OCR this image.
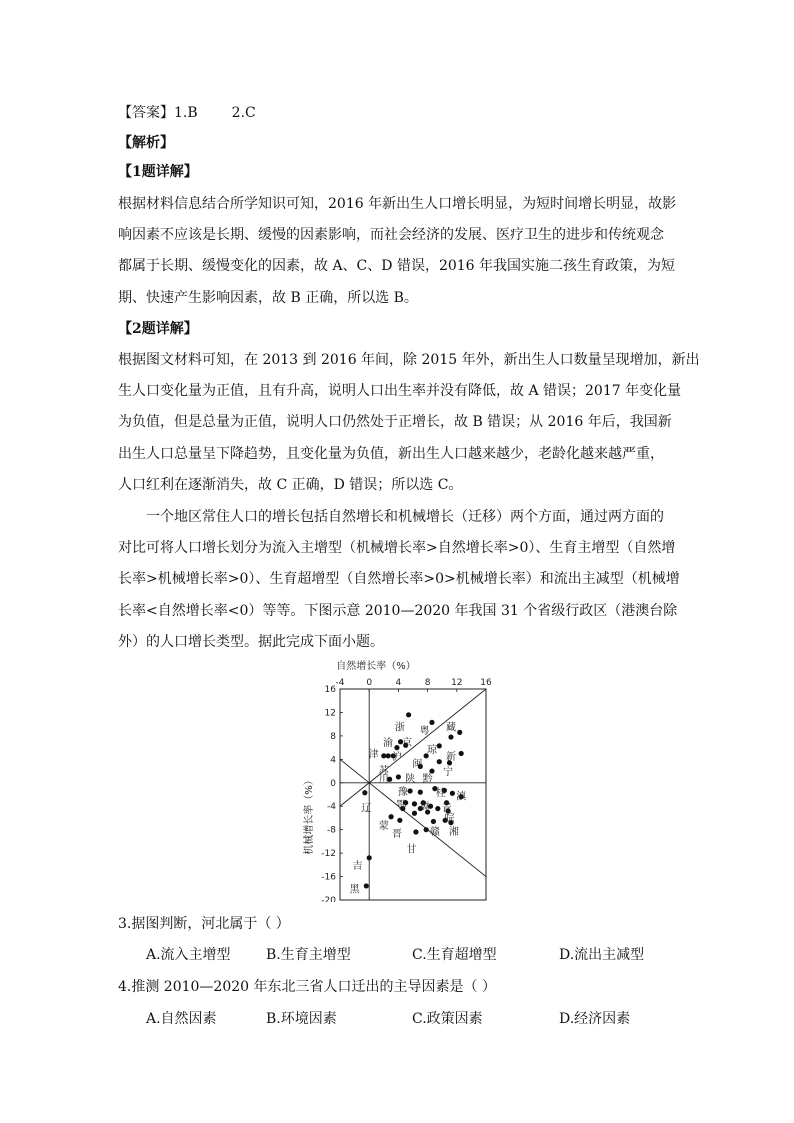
【答案】1.B 2.C
【解析】
【1题详解】
根据材料信息结合所学知识可知，2016 年新出生人口增长明显，为短时间增长明显，故影
响因素不应该是长期、缓慢的因素影响，而社会经济的发展、医疗卫生的进步和传统观念
都属于长期、缓慢变化的因素，故 A、C、D 错误，2016 年我国实施二孩生育政策，为短
期、快速产生影响因素，故 B 正确，所以选 B。
【2题详解】
根据图文材料可知，在 2013 到 2016 年间，除 2015 年外，新出生人口数量呈现增加，新出
生人口变化量为正值，且有升高，说明人口出生率并没有降低，故 A 错误；2017 年变化量
为负值，但是总量为正值，说明人口仍然处于正增长，故 B 错误；从 2016 年后，我国新
出生人口总量呈下降趋势，且变化量为负值，新出生人口越来越少，老龄化越来越严重，
人口红利在逐渐消失，故 C 正确，D 错误；所以选 C。
一个地区常住人口的增长包括自然增长和机械增长（迁移）两个方面，通过两方面的
对比可将人口增长划分为流入主增型（机械增长率>自然增长率>0）、生育主增型（自然增
长率>机械增长率>0）、生育超增型（自然增长率>0>机械增长率）和流出主减型（机械增
长率<自然增长率<0）等等。下图示意 2010—2020 年我国 31 个省级行政区（港澳台除
外）的人口增长类型。据此完成下面小题。
自然增长率（%）
-4 0	4	8 12 16
16
12
8
4
0
-4
-8
-12
-16
-20
机械增长率（%）
浙 粤 藏
渝 京
琼
新
津 沪
闽
宁
苏
川 陕 黔
辽
豫	桂 滇
鄂 冀 青
皖
蒙
晋	赣 湘
甘
吉
黑
3.据图判断，河北属于（ ）
A.流入主增型	B.生育主增型	C.生育超增型	D.流出主减型
4.推测 2010—2020 年东北三省人口迁出的主导因素是（ ）
A.自然因素	B.环境因素	C.政策因素	D.经济因素
